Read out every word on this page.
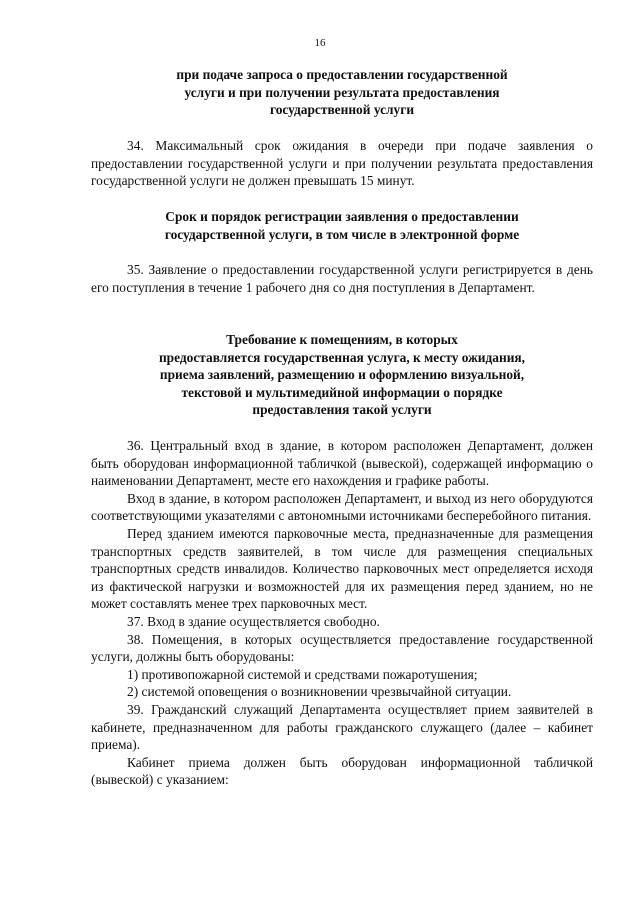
16
при подаче запроса о предоставлении государственной
услуги и при получении результата предоставления
государственной услуги

34. Максимальный срок ожидания в очереди при подаче заявления о предоставлении государственной услуги и при получении результата предоставления государственной услуги не должен превышать 15 минут.

Срок и порядок регистрации заявления о предоставлении
государственной услуги, в том числе в электронной форме

35. Заявление о предоставлении государственной услуги регистрируется в день его поступления в течение 1 рабочего дня со дня поступления в Департамент.

Требование к помещениям, в которых
предоставляется государственная услуга, к месту ожидания,
приема заявлений, размещению и оформлению визуальной,
текстовой и мультимедийной информации о порядке
предоставления такой услуги

36. Центральный вход в здание, в котором расположен Департамент, должен быть оборудован информационной табличкой (вывеской), содержащей информацию о наименовании Департамент, месте его нахождения и графике работы.

Вход в здание, в котором расположен Департамент, и выход из него оборудуются соответствующими указателями с автономными источниками бесперебойного питания.

Перед зданием имеются парковочные места, предназначенные для размещения транспортных средств заявителей, в том числе для размещения специальных транспортных средств инвалидов. Количество парковочных мест определяется исходя из фактической нагрузки и возможностей для их размещения перед зданием, но не может составлять менее трех парковочных мест.

37. Вход в здание осуществляется свободно.

38. Помещения, в которых осуществляется предоставление государственной услуги, должны быть оборудованы:

1) противопожарной системой и средствами пожаротушения;

2) системой оповещения о возникновении чрезвычайной ситуации.

39. Гражданский служащий Департамента осуществляет прием заявителей в кабинете, предназначенном для работы гражданского служащего (далее – кабинет приема).

Кабинет приема должен быть оборудован информационной табличкой (вывеской) с указанием:
